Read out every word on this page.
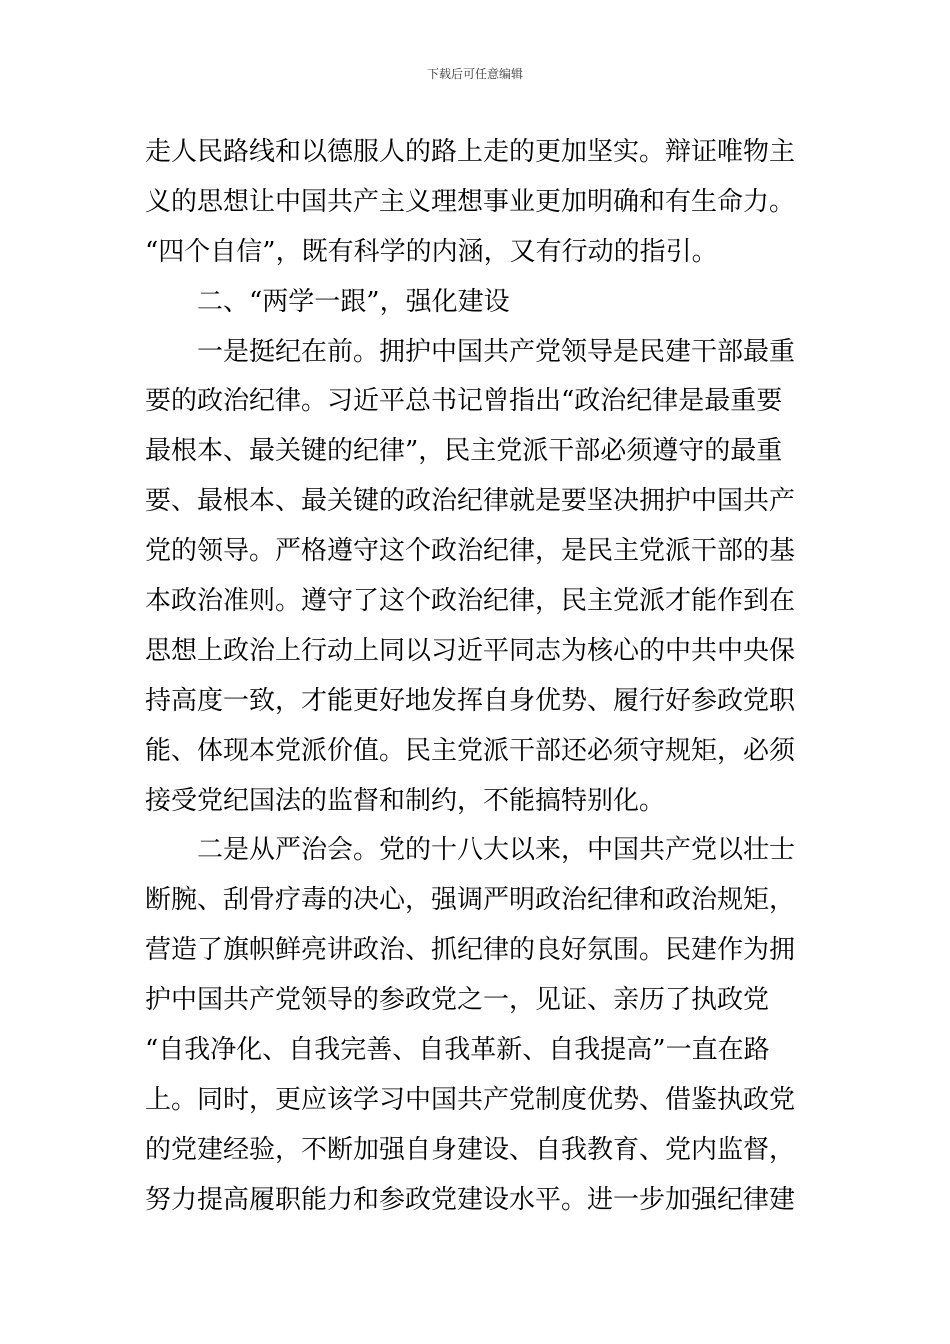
下载后可任意编辑
走人民路线和以德服人的路上走的更加坚实。辩证唯物主
义的思想让中国共产主义理想事业更加明确和有生命力。
“四个自信”，既有科学的内涵，又有行动的指引。
二、“两学一跟”，强化建设
一是挺纪在前。拥护中国共产党领导是民建干部最重
要的政治纪律。习近平总书记曾指出“政治纪律是最重要
最根本、最关键的纪律”，民主党派干部必须遵守的最重
要、最根本、最关键的政治纪律就是要坚决拥护中国共产
党的领导。严格遵守这个政治纪律，是民主党派干部的基
本政治准则。遵守了这个政治纪律，民主党派才能作到在
思想上政治上行动上同以习近平同志为核心的中共中央保
持高度一致，才能更好地发挥自身优势、履行好参政党职
能、体现本党派价值。民主党派干部还必须守规矩，必须
接受党纪国法的监督和制约，不能搞特别化。
二是从严治会。党的十八大以来，中国共产党以壮士
断腕、刮骨疗毒的决心，强调严明政治纪律和政治规矩，
营造了旗帜鲜亮讲政治、抓纪律的良好氛围。民建作为拥
护中国共产党领导的参政党之一，见证、亲历了执政党
“自我净化、自我完善、自我革新、自我提高”一直在路
上。同时，更应该学习中国共产党制度优势、借鉴执政党
的党建经验，不断加强自身建设、自我教育、党内监督，
努力提高履职能力和参政党建设水平。进一步加强纪律建
